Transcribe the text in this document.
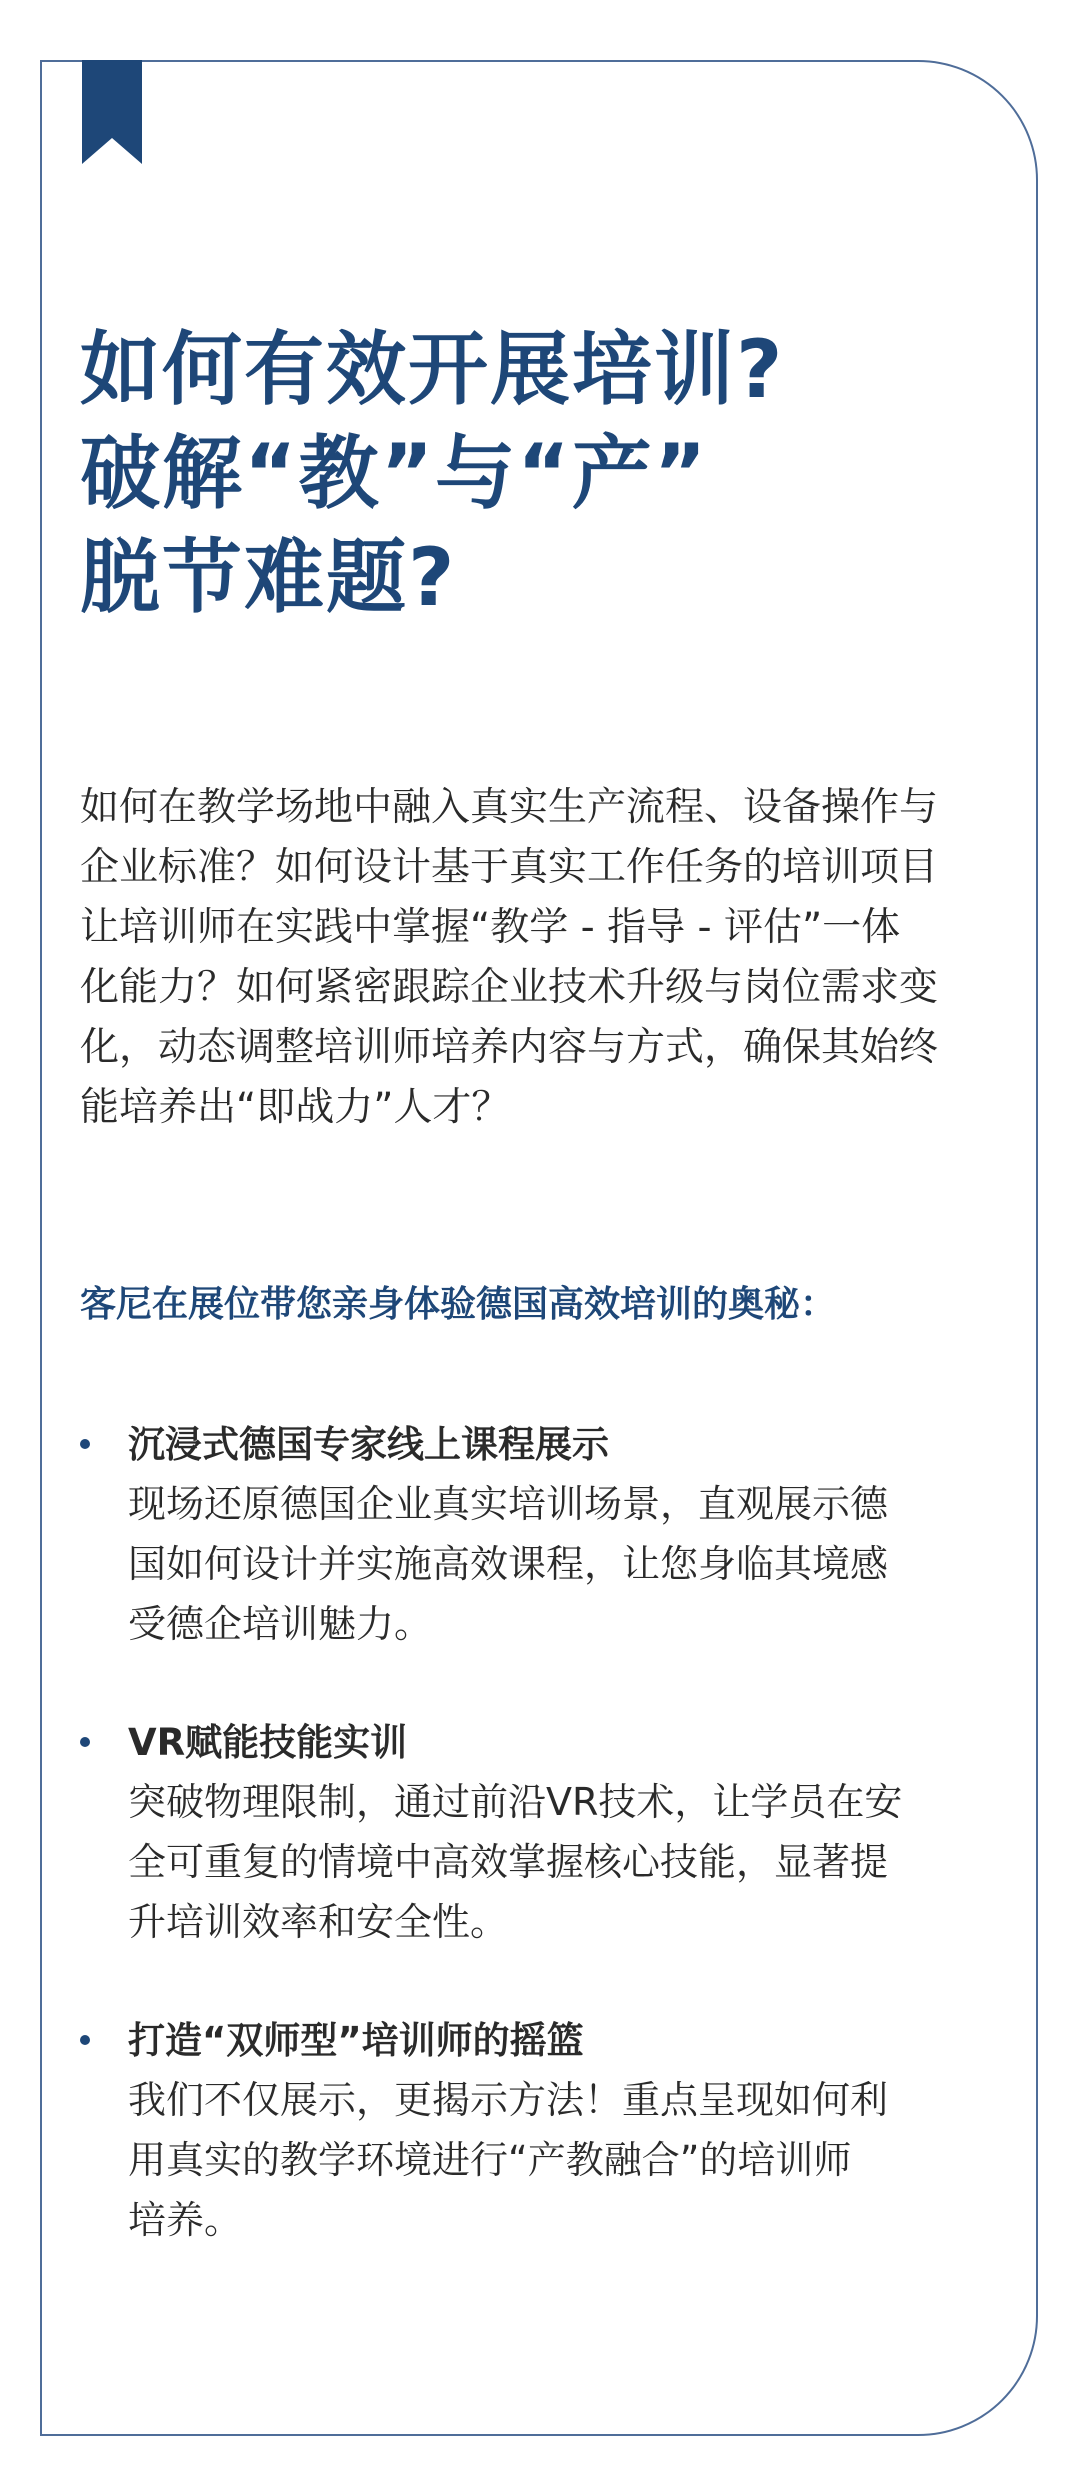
如何有效开展培训?
破解“教”与“产”
脱节难题?

如何在教学场地中融入真实生产流程、设备操作与
企业标准？如何设计基于真实工作任务的培训项目
让培训师在实践中掌握“教学 - 指导 - 评估”一体
化能力？如何紧密跟踪企业技术升级与岗位需求变
化，动态调整培训师培养内容与方式，确保其始终
能培养出“即战力”人才？

客尼在展位带您亲身体验德国高效培训的奥秘：

沉浸式德国专家线上课程展示

现场还原德国企业真实培训场景，直观展示德
国如何设计并实施高效课程，让您身临其境感
受德企培训魅力。

VR赋能技能实训

突破物理限制，通过前沿VR技术，让学员在安
全可重复的情境中高效掌握核心技能，显著提
升培训效率和安全性。

打造“双师型”培训师的摇篮

我们不仅展示，更揭示方法！重点呈现如何利
用真实的教学环境进行“产教融合”的培训师
培养。
